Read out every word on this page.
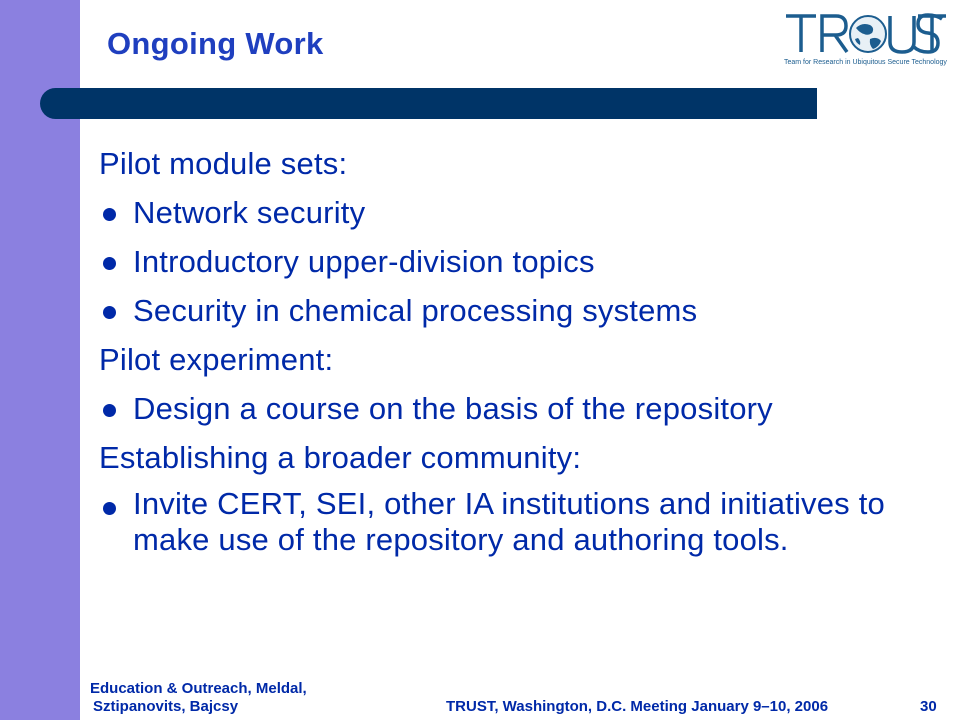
Ongoing Work
Team for Research in Ubiquitous Secure Technology
Pilot module sets:
Network security
Introductory upper-division topics
Security in chemical processing systems
Pilot experiment:
Design a course on the basis of the repository
Establishing a broader community:
Invite CERT, SEI, other IA institutions and initiatives to make use of the repository and authoring tools.
Education & Outreach, Meldal,
Sztipanovits, Bajcsy	TRUST, Washington, D.C. Meeting January 9–10, 2006	30
